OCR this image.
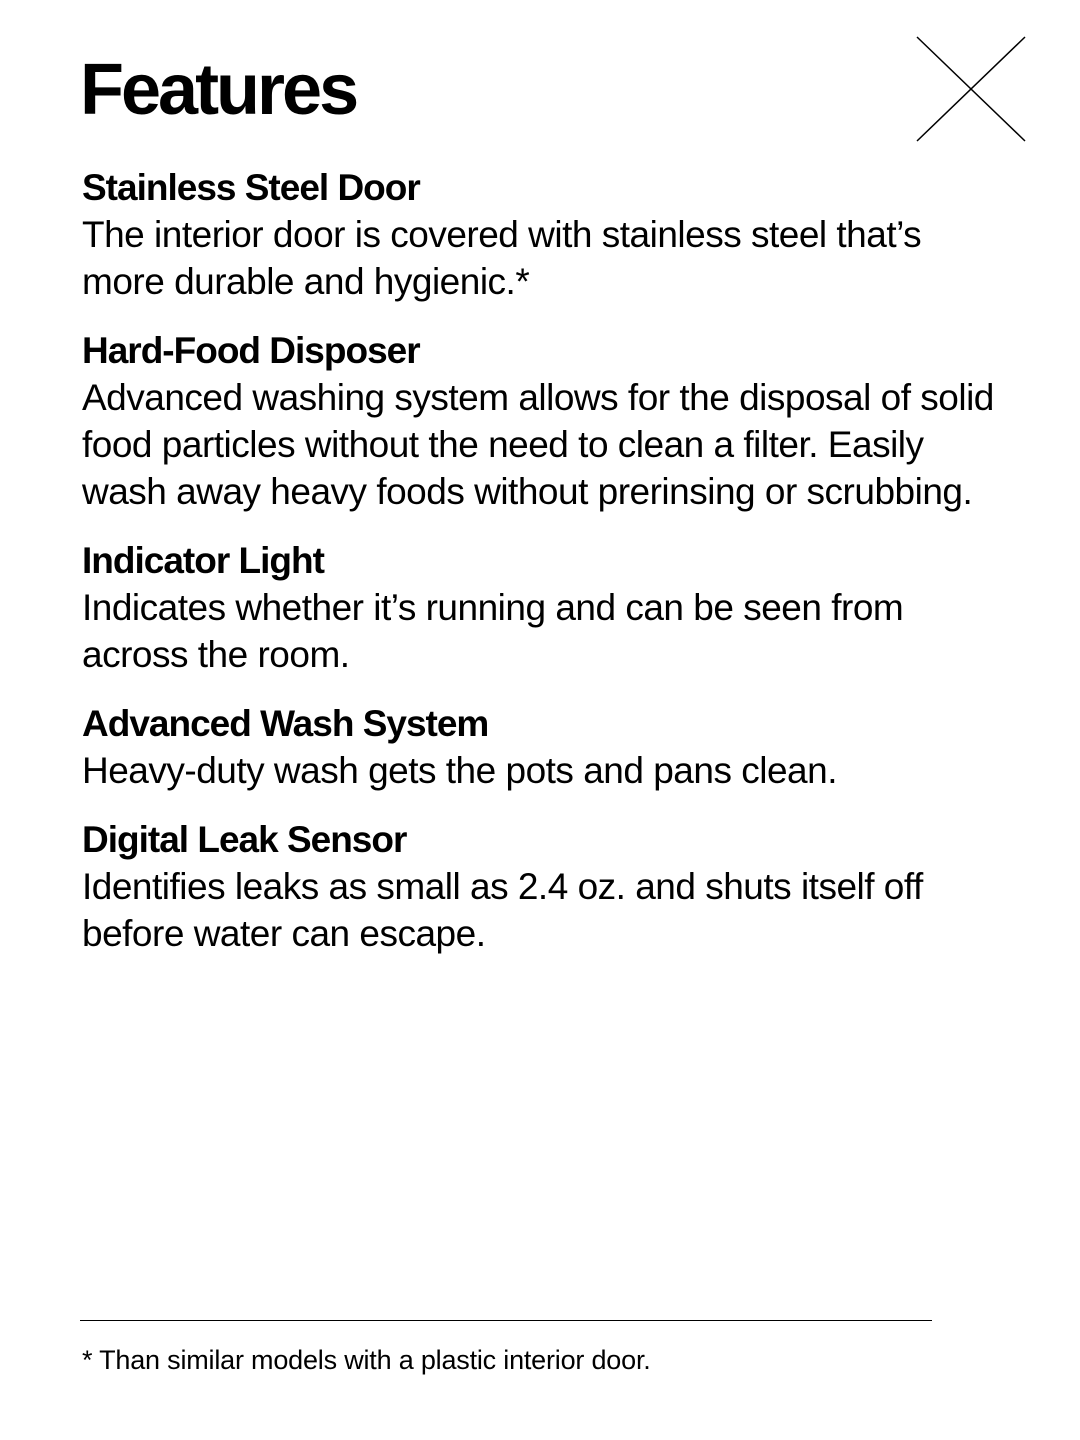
Features
Stainless Steel Door
The interior door is covered with stainless steel that’s more durable and hygienic.*
Hard-Food Disposer
Advanced washing system allows for the disposal of solid food particles without the need to clean a filter. Easily wash away heavy foods without prerinsing or scrubbing.
Indicator Light
Indicates whether it’s running and can be seen from across the room.
Advanced Wash System
Heavy-duty wash gets the pots and pans clean.
Digital Leak Sensor
Identifies leaks as small as 2.4 oz. and shuts itself off before water can escape.
* Than similar models with a plastic interior door.
